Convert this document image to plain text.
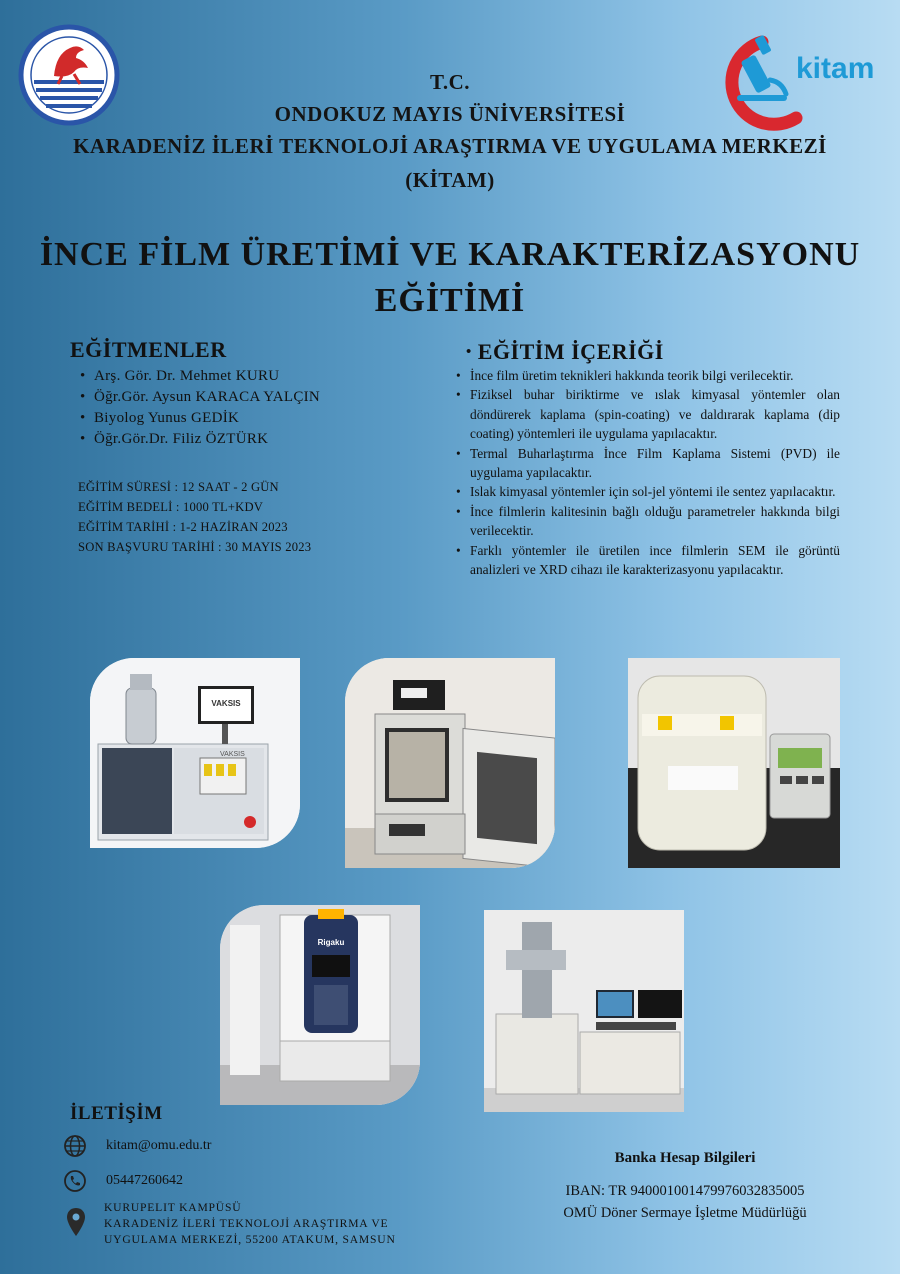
kitam
T.C.
ONDOKUZ MAYIS ÜNİVERSİTESİ
KARADENİZ İLERİ TEKNOLOJİ ARAŞTIRMA VE UYGULAMA MERKEZİ
(KİTAM)
İNCE FİLM ÜRETİMİ VE KARAKTERİZASYONU
EĞİTİMİ
EĞİTMENLER
• Arş. Gör. Dr. Mehmet KURU
• Öğr.Gör. Aysun KARACA YALÇIN
• Biyolog Yunus GEDİK
• Öğr.Gör.Dr. Filiz ÖZTÜRK
EĞİTİM SÜRESİ : 12 SAAT - 2 GÜN
EĞİTİM BEDELİ : 1000 TL+KDV
EĞİTİM TARİHİ : 1-2 HAZİRAN 2023
SON BAŞVURU TARİHİ : 30 MAYIS 2023
• EĞİTİM İÇERİĞİ
• İnce film üretim teknikleri hakkında teorik bilgi verilecektir.
• Fiziksel buhar biriktirme ve ıslak kimyasal yöntemler olan döndürerek kaplama (spin-coating) ve daldırarak kaplama (dip coating) yöntemleri ile uygulama yapılacaktır.
• Termal Buharlaştırma İnce Film Kaplama Sistemi (PVD) ile uygulama yapılacaktır.
• Islak kimyasal yöntemler için sol-jel yöntemi ile sentez yapılacaktır.
• İnce filmlerin kalitesinin bağlı olduğu parametreler hakkında bilgi verilecektir.
• Farklı yöntemler ile üretilen ince filmlerin SEM ile görüntü analizleri ve XRD cihazı ile karakterizasyonu yapılacaktır.
VAKSIS
VAKSIS
Rigaku
İLETİŞİM
kitam@omu.edu.tr
05447260642
KURUPELIT KAMPÜSÜ
KARADENİZ İLERİ TEKNOLOJİ ARAŞTIRMA VE
UYGULAMA MERKEZİ, 55200 ATAKUM, SAMSUN
Banka Hesap Bilgileri
IBAN: TR 940001001479976032835005
OMÜ Döner Sermaye İşletme Müdürlüğü
